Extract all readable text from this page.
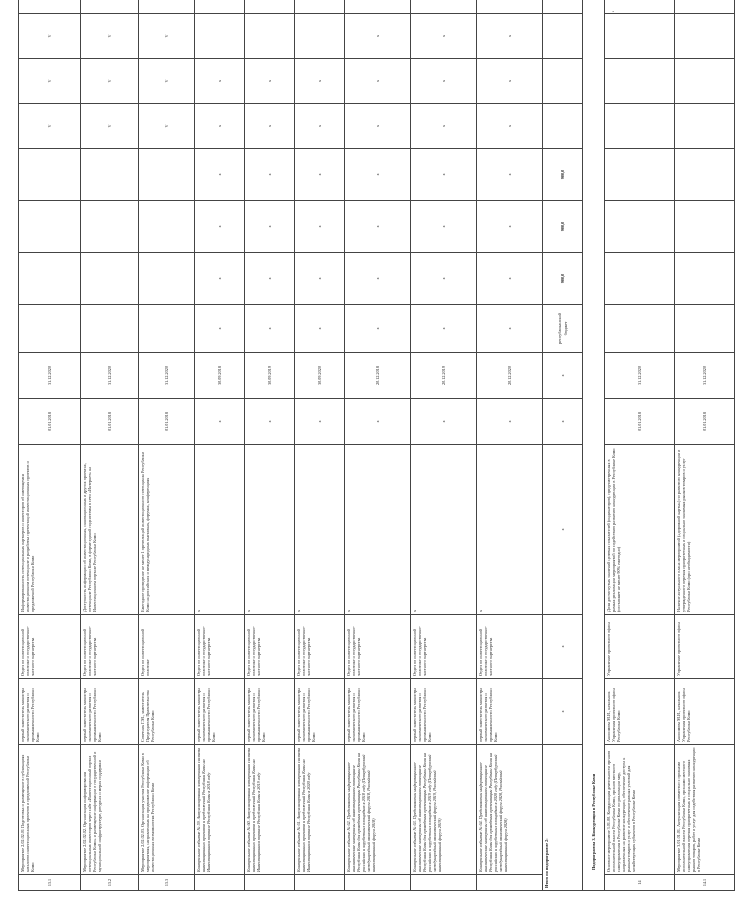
13.1	Мероприятие 2.02.02.01 Подготовка и размещение в публикациях каталогов инвестиционных проектов и предложений Республики Коми	первый заместитель министра экономического развития и промышленности Республики Коми	Отдел по инвестиционной политике и государственно-частного партнерства	Информированность потенциальных партнеров и инвесторов об имеющемся инвестиционном потенциале и разработка презентаций инвестиционных проектов и предложений Республики Коми	01.01.2018	31.12.2020					V	V	V	
13.2	Мероприятие 2.02.02.02. Организация информирования потенциальных инвесторов через сайт «Инвестиционный портал Республики Коми» и размещение информации о государственной и муниципальной инфраструктуре, ресурсах и мерах поддержки	первый заместитель министра экономического развития и промышленности Республики Коми	Отдел по инвестиционной политике и государственно-частного партнерства	Доступность информации об инвестиционных, инновационных и других проектах, потенциале Республики Коми, в форме единой подсистемы в сети «Интернет» на Инвестиционном портале Республики Коми	01.01.2018	31.12.2020					V	V	V	
13.3	Мероприятие 2.02.02.03. Организация участия Республики Коми в мероприятиях, направленных на продвижение информации об инвестиционных возможностях Республики Коми	Советник Г.М., заместитель Председателя Правительства Республики Коми	Отдел по инвестиционной политике	Ежегодное проведение не менее 1 презентаций инвестиционного потенциала Республики Коми на российских и международных выставках, форумах, конференциях	01.01.2018	31.12.2020					V	V	V	
	Контрольное событие № 59. Актуализирована электронная система инвестиционных проектов и предложений Республики Коми на Инвестиционном портале Республики Коми в 2018 году	первый заместитель министра экономического развития и промышленности Республики Коми	Отдел по инвестиционной политике и государственно-частного партнерства	x	x	30.09.2018	x	x	x	x	x	x		
	Контрольное событие № 60. Актуализирована электронная система инвестиционных проектов и предложений Республики Коми на Инвестиционном портале Республики Коми в 2019 году	первый заместитель министра экономического развития и промышленности Республики Коми	Отдел по инвестиционной политике и государственно-частного партнерства	x	x	30.09.2019	x	x	x	x	x	x		
	Контрольное событие № 61. Актуализирована электронная система инвестиционных проектов и предложений Республики Коми на Инвестиционном портале Республики Коми в 2020 году	первый заместитель министра экономического развития и промышленности Республики Коми	Отдел по инвестиционной политике и государственно-частного партнерства	x	x	30.09.2020	x	x	x	x	x	x		
	Контрольное событие № 62. Представлены информационно-аналитические материалы об инвестиционном потенциале Республики Коми для проведения презентации Республики Коми на российских и зарубежных площадках в 2018 году (Петербургский международный экономический форум 2018, Российский инвестиционный форум 2018)	первый заместитель министра экономического развития и промышленности Республики Коми	Отдел по инвестиционной политике и государственно-частного партнерства	x	x	20.12.2018	x	x	x	x	x	x	x	
	Контрольное событие № 63. Представлены информационно-аналитические материалы об инвестиционном потенциале Республики Коми для проведения презентации Республики Коми на российских и зарубежных площадках в 2019 году (Петербургский международный экономический форум 2019, Российский инвестиционный форум 2019)	первый заместитель министра экономического развития и промышленности Республики Коми	Отдел по инвестиционной политике и государственно-частного партнерства	x	x	20.12.2019	x	x	x	x	x	x	x	
	Контрольное событие № 64. Представлены информационно-аналитические материалы об инвестиционном потенциале Республики Коми для проведения презентации Республики Коми на российских и зарубежных площадках в 2020 году (Петербургский международный экономический форум 2020, Российский инвестиционный форум 2020)	первый заместитель министра экономического развития и промышленности Республики Коми	Отдел по инвестиционной политике и государственно-частного партнерства	x	x	20.12.2020	x	x	x	x	x	x	x	
Итого по подпрограмме 2:		x	x	x	x	x	республиканский бюджет	900,0	900,0	900,0				
Подпрограмма 3. Конкуренция в Республике Коми														
14	Основное мероприятие 3.01.00. Координация деятельности органов исполнительной власти Республики Коми, органов местного самоуправления в Республике Коми по реализации мер, направленных на развитие конкуренции, обеспечение доступа к рынкам товаров и услуг и обеспечение равных условий для хозяйствующих субъектов в Республике Коми	Анисимова М.И., начальник Управления проектного офиса Республики Коми	Управление проектного офиса	Доля достигнутых значений целевых показателей (индикаторов), предусмотренных в рамках реализации мероприятий по содействию развитию конкуренции в Республике Коми (составляет не менее 90% ежегодно)	01.01.2018	31.12.2020								
14.1	Мероприятие 3.01.01.01. Актуализация совместно с органами исполнительной власти Республики Коми, органами местного самоуправления перечня приоритетных и социально значимых рынков товаров, работ и услуг для содействия развитию конкуренции в Республике Коми	Анисимова М.И., начальник Управления проектного офиса Республики Коми	Управление проектного офиса	Наличие актуального плана мероприятий («дорожной карты») по развитию конкуренции и утвержденного перечня приоритетных и социально значимых рынков товаров и услуг Республики Коми (при необходимости)	01.01.2018	31.12.2020								
·
